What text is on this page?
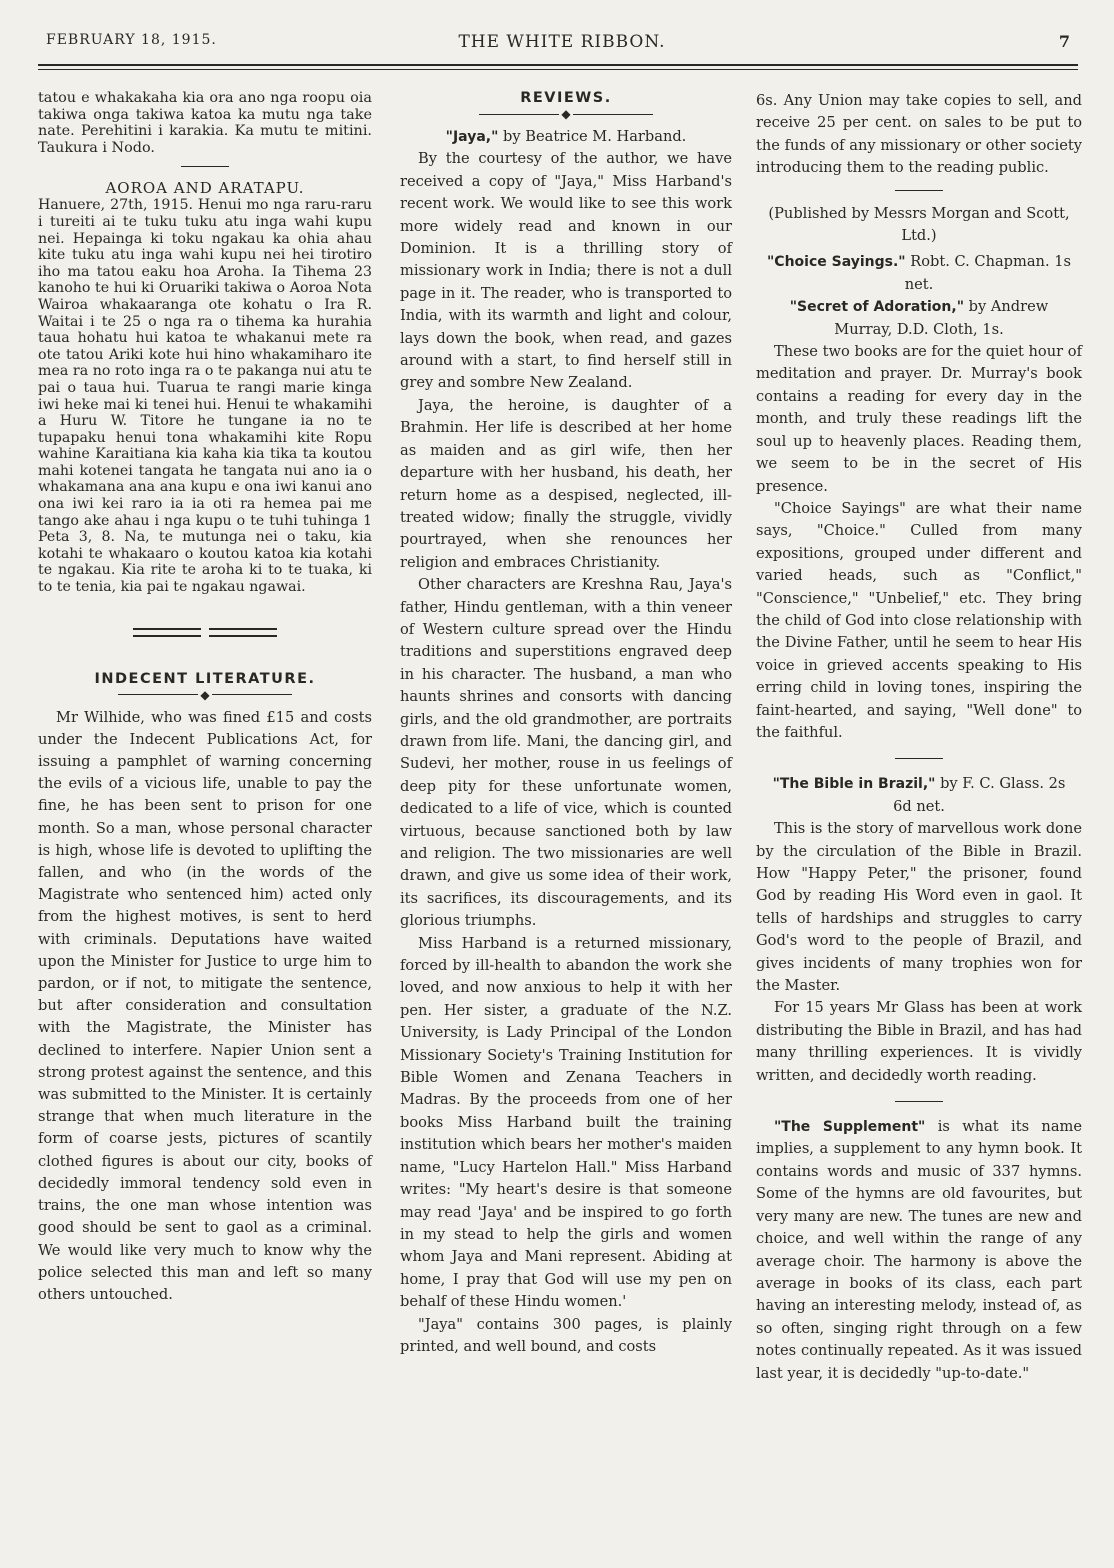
FEBRUARY 18, 1915.	THE WHITE RIBBON.	7

tatou e whakakaha kia ora ano nga roopu oia takiwa onga takiwa katoa ka mutu nga take nate. Perehitini i karakia. Ka mutu te mitini. Taukura i Nodo.

AOROA AND ARATAPU.

Hanuere, 27th, 1915. Henui mo nga raru-raru i tureiti ai te tuku tuku atu inga wahi kupu nei. Hepainga ki toku ngakau ka ohia ahau kite tuku atu inga wahi kupu nei hei tirotiro iho ma tatou eaku hoa Aroha. Ia Tihema 23 kanoho te hui ki Oruariki takiwa o Aoroa Nota Wairoa whakaaranga ote kohatu o Ira R. Waitai i te 25 o nga ra o tihema ka hurahia taua hohatu hui katoa te whakanui mete ra ote tatou Ariki kote hui hino whakamiharo ite mea ra no roto inga ra o te pakanga nui atu te pai o taua hui. Tuarua te rangi marie kinga iwi heke mai ki tenei hui. Henui te whakamihi a Huru W. Titore he tungane ia no te tupapaku henui tona whakamihi kite Ropu wahine Karaitiana kia kaha kia tika ta koutou mahi kotenei tangata he tangata nui ano ia o whakamana ana ana kupu e ona iwi kanui ano ona iwi kei raro ia ia oti ra hemea pai me tango ake ahau i nga kupu o te tuhi tuhinga 1 Peta 3, 8. Na, te mutunga nei o taku, kia kotahi te whakaaro o koutou katoa kia kotahi te ngakau. Kia rite te aroha ki to te tuaka, ki to te tenia, kia pai te ngakau ngawai.

INDECENT LITERATURE.

◆

Mr Wilhide, who was fined £15 and costs under the Indecent Publications Act, for issuing a pamphlet of warning concerning the evils of a vicious life, unable to pay the fine, he has been sent to prison for one month. So a man, whose personal character is high, whose life is devoted to uplifting the fallen, and who (in the words of the Magistrate who sentenced him) acted only from the highest motives, is sent to herd with criminals. Deputations have waited upon the Minister for Justice to urge him to pardon, or if not, to mitigate the sentence, but after consideration and consultation with the Magistrate, the Minister has declined to interfere. Napier Union sent a strong protest against the sentence, and this was submitted to the Minister. It is certainly strange that when much literature in the form of coarse jests, pictures of scantily clothed figures is about our city, books of decidedly immoral tendency sold even in trains, the one man whose intention was good should be sent to gaol as a criminal. We would like very much to know why the police selected this man and left so many others untouched.

REVIEWS.

◆

"Jaya," by Beatrice M. Harband.

By the courtesy of the author, we have received a copy of "Jaya," Miss Harband's recent work. We would like to see this work more widely read and known in our Dominion. It is a thrilling story of missionary work in India; there is not a dull page in it. The reader, who is transported to India, with its warmth and light and colour, lays down the book, when read, and gazes around with a start, to find herself still in grey and sombre New Zealand.

Jaya, the heroine, is daughter of a Brahmin. Her life is described at her home as maiden and as girl wife, then her departure with her husband, his death, her return home as a despised, neglected, ill-treated widow; finally the struggle, vividly pourtrayed, when she renounces her religion and embraces Christianity.

Other characters are Kreshna Rau, Jaya's father, Hindu gentleman, with a thin veneer of Western culture spread over the Hindu traditions and superstitions engraved deep in his character. The husband, a man who haunts shrines and consorts with dancing girls, and the old grandmother, are portraits drawn from life. Mani, the dancing girl, and Sudevi, her mother, rouse in us feelings of deep pity for these unfortunate women, dedicated to a life of vice, which is counted virtuous, because sanctioned both by law and religion. The two missionaries are well drawn, and give us some idea of their work, its sacrifices, its discouragements, and its glorious triumphs.

Miss Harband is a returned missionary, forced by ill-health to abandon the work she loved, and now anxious to help it with her pen. Her sister, a graduate of the N.Z. University, is Lady Principal of the London Missionary Society's Training Institution for Bible Women and Zenana Teachers in Madras. By the proceeds from one of her books Miss Harband built the training institution which bears her mother's maiden name, "Lucy Hartelon Hall." Miss Harband writes: "My heart's desire is that someone may read 'Jaya' and be inspired to go forth in my stead to help the girls and women whom Jaya and Mani represent. Abiding at home, I pray that God will use my pen on behalf of these Hindu women.'

"Jaya" contains 300 pages, is plainly printed, and well bound, and costs

6s. Any Union may take copies to sell, and receive 25 per cent. on sales to be put to the funds of any missionary or other society introducing them to the reading public.

(Published by Messrs Morgan and Scott, Ltd.)

"Choice Sayings." Robt. C. Chapman. 1s net.

"Secret of Adoration," by Andrew Murray, D.D. Cloth, 1s.

These two books are for the quiet hour of meditation and prayer. Dr. Murray's book contains a reading for every day in the month, and truly these readings lift the soul up to heavenly places. Reading them, we seem to be in the secret of His presence.

"Choice Sayings" are what their name says, "Choice." Culled from many expositions, grouped under different and varied heads, such as "Conflict," "Conscience," "Unbelief," etc. They bring the child of God into close relationship with the Divine Father, until he seem to hear His voice in grieved accents speaking to His erring child in loving tones, inspiring the faint-hearted, and saying, "Well done" to the faithful.

"The Bible in Brazil," by F. C. Glass. 2s 6d net.

This is the story of marvellous work done by the circulation of the Bible in Brazil. How "Happy Peter," the prisoner, found God by reading His Word even in gaol. It tells of hardships and struggles to carry God's word to the people of Brazil, and gives incidents of many trophies won for the Master.

For 15 years Mr Glass has been at work distributing the Bible in Brazil, and has had many thrilling experiences. It is vividly written, and decidedly worth reading.

"The Supplement" is what its name implies, a supplement to any hymn book. It contains words and music of 337 hymns. Some of the hymns are old favourites, but very many are new. The tunes are new and choice, and well within the range of any average choir. The harmony is above the average in books of its class, each part having an interesting melody, instead of, as so often, singing right through on a few notes continually repeated. As it was issued last year, it is decidedly "up-to-date."
